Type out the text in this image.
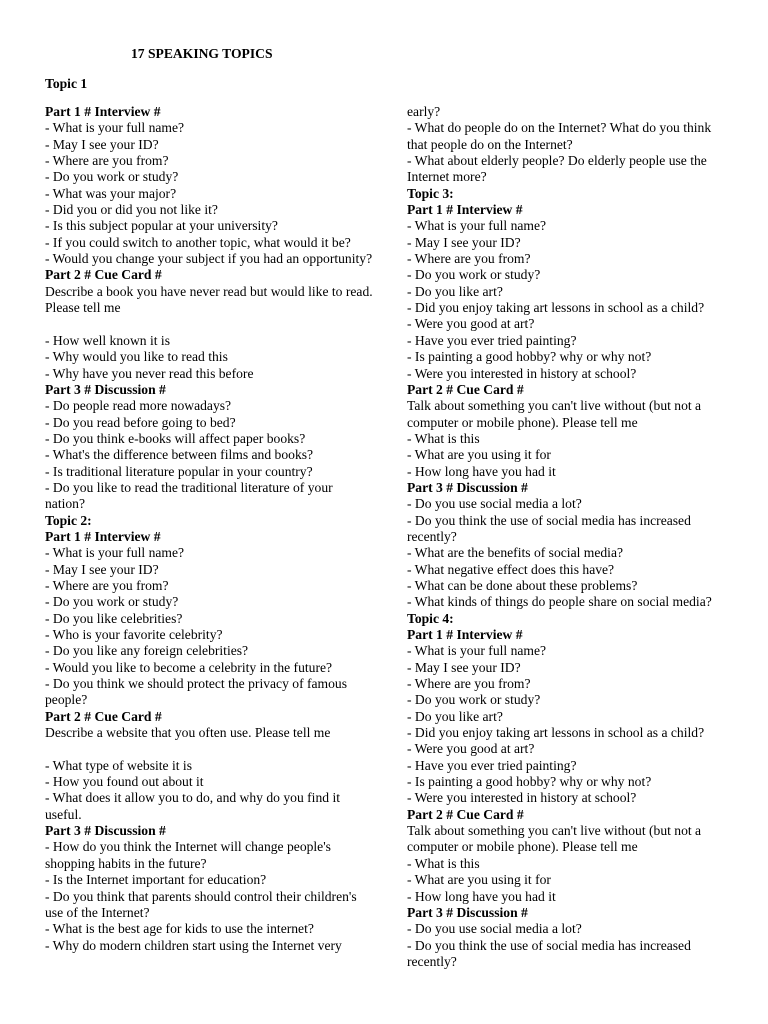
17 SPEAKING TOPICS
Topic 1
Part 1 # Interview #
- What is your full name?
- May I see your ID?
- Where are you from?
- Do you work or study?
- What was your major?
- Did you or did you not like it?
- Is this subject popular at your university?
- If you could switch to another topic, what would it be?
- Would you change your subject if you had an opportunity?
Part 2 # Cue Card #
Describe a book you have never read but would like to read. Please tell me
- How well known it is
- Why would you like to read this
- Why have you never read this before
Part 3 # Discussion #
- Do people read more nowadays?
- Do you read before going to bed?
- Do you think e-books will affect paper books?
- What's the difference between films and books?
- Is traditional literature popular in your country?
- Do you like to read the traditional literature of your nation?
Topic 2:
Part 1 # Interview #
- What is your full name?
- May I see your ID?
- Where are you from?
- Do you work or study?
- Do you like celebrities?
- Who is your favorite celebrity?
- Do you like any foreign celebrities?
- Would you like to become a celebrity in the future?
- Do you think we should protect the privacy of famous people?
Part 2 # Cue Card #
Describe a website that you often use. Please tell me
- What type of website it is
- How you found out about it
- What does it allow you to do, and why do you find it useful.
Part 3 # Discussion #
- How do you think the Internet will change people's shopping habits in the future?
- Is the Internet important for education?
- Do you think that parents should control their children's use of the Internet?
- What is the best age for kids to use the internet?
- Why do modern children start using the Internet very
early?
- What do people do on the Internet? What do you think that people do on the Internet?
- What about elderly people? Do elderly people use the Internet more?
Topic 3:
Part 1 # Interview #
- What is your full name?
- May I see your ID?
- Where are you from?
- Do you work or study?
- Do you like art?
- Did you enjoy taking art lessons in school as a child?
- Were you good at art?
- Have you ever tried painting?
- Is painting a good hobby? why or why not?
- Were you interested in history at school?
Part 2 # Cue Card #
Talk about something you can't live without (but not a computer or mobile phone). Please tell me
- What is this
- What are you using it for
- How long have you had it
Part 3 # Discussion #
- Do you use social media a lot?
- Do you think the use of social media has increased recently?
- What are the benefits of social media?
- What negative effect does this have?
- What can be done about these problems?
- What kinds of things do people share on social media?
Topic 4:
Part 1 # Interview #
- What is your full name?
- May I see your ID?
- Where are you from?
- Do you work or study?
- Do you like art?
- Did you enjoy taking art lessons in school as a child?
- Were you good at art?
- Have you ever tried painting?
- Is painting a good hobby? why or why not?
- Were you interested in history at school?
Part 2 # Cue Card #
Talk about something you can't live without (but not a computer or mobile phone). Please tell me
- What is this
- What are you using it for
- How long have you had it
Part 3 # Discussion #
- Do you use social media a lot?
- Do you think the use of social media has increased recently?
